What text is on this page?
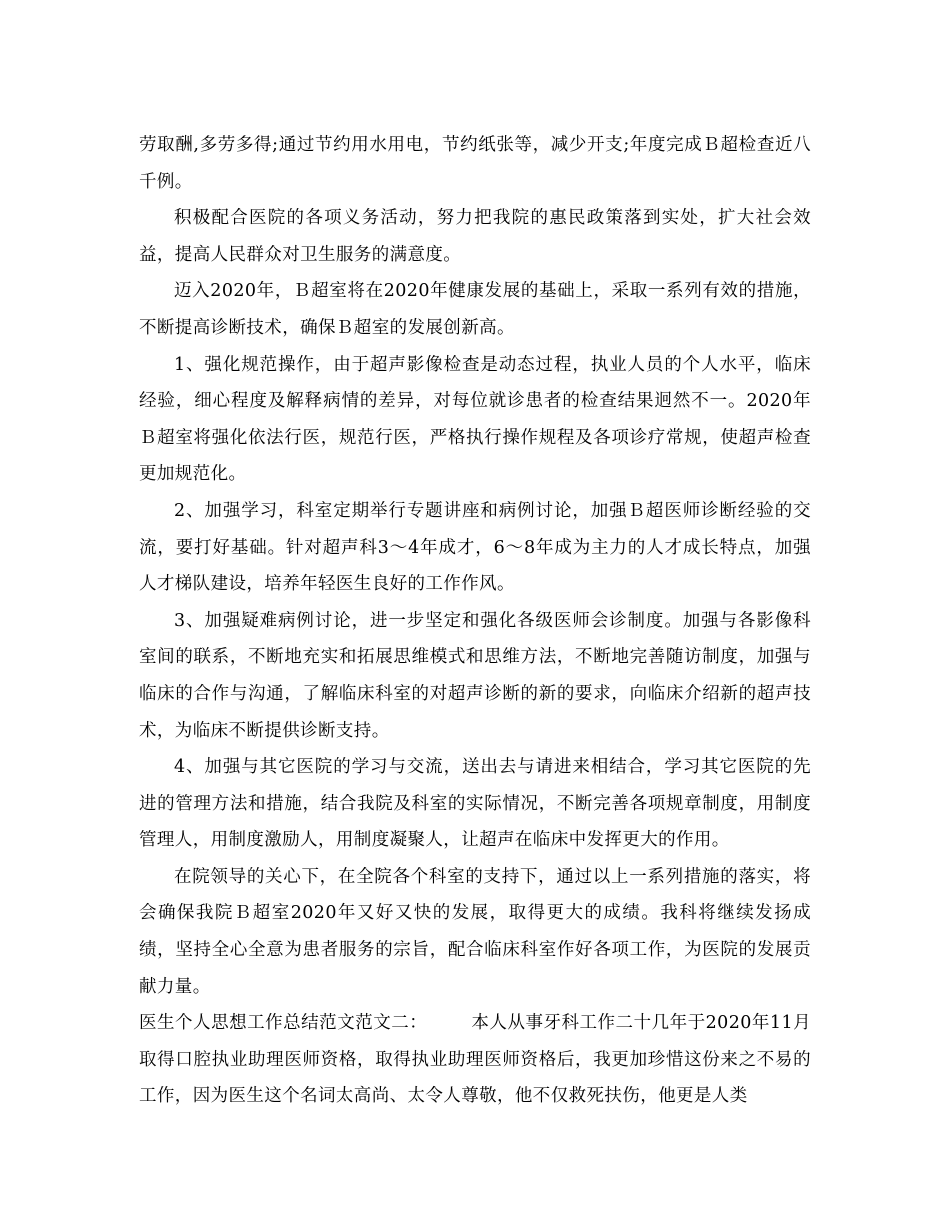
劳取酬,多劳多得;通过节约用水用电，节约纸张等，减少开支;年度完成Ｂ超检查近八千例。

积极配合医院的各项义务活动，努力把我院的惠民政策落到实处，扩大社会效益，提高人民群众对卫生服务的满意度。

迈入2020年，Ｂ超室将在2020年健康发展的基础上，采取一系列有效的措施，不断提高诊断技术，确保Ｂ超室的发展创新高。

1、强化规范操作，由于超声影像检查是动态过程，执业人员的个人水平，临床经验，细心程度及解释病情的差异，对每位就诊患者的检查结果迥然不一。2020年Ｂ超室将强化依法行医，规范行医，严格执行操作规程及各项诊疗常规，使超声检查更加规范化。

2、加强学习，科室定期举行专题讲座和病例讨论，加强Ｂ超医师诊断经验的交流，要打好基础。针对超声科3～4年成才，6～8年成为主力的人才成长特点，加强人才梯队建设，培养年轻医生良好的工作作风。

3、加强疑难病例讨论，进一步坚定和强化各级医师会诊制度。加强与各影像科室间的联系，不断地充实和拓展思维模式和思维方法，不断地完善随访制度，加强与临床的合作与沟通，了解临床科室的对超声诊断的新的要求，向临床介绍新的超声技术，为临床不断提供诊断支持。

4、加强与其它医院的学习与交流，送出去与请进来相结合，学习其它医院的先进的管理方法和措施，结合我院及科室的实际情况，不断完善各项规章制度，用制度管理人，用制度激励人，用制度凝聚人，让超声在临床中发挥更大的作用。

在院领导的关心下，在全院各个科室的支持下，通过以上一系列措施的落实，将会确保我院Ｂ超室2020年又好又快的发展，取得更大的成绩。我科将继续发扬成绩，坚持全心全意为患者服务的宗旨，配合临床科室作好各项工作，为医院的发展贡献力量。

医生个人思想工作总结范文范文二：	本人从事牙科工作二十几年于2020年11月取得口腔执业助理医师资格，取得执业助理医师资格后，我更加珍惜这份来之不易的工作，因为医生这个名词太高尚、太令人尊敬，他不仅救死扶伤，他更是人类
